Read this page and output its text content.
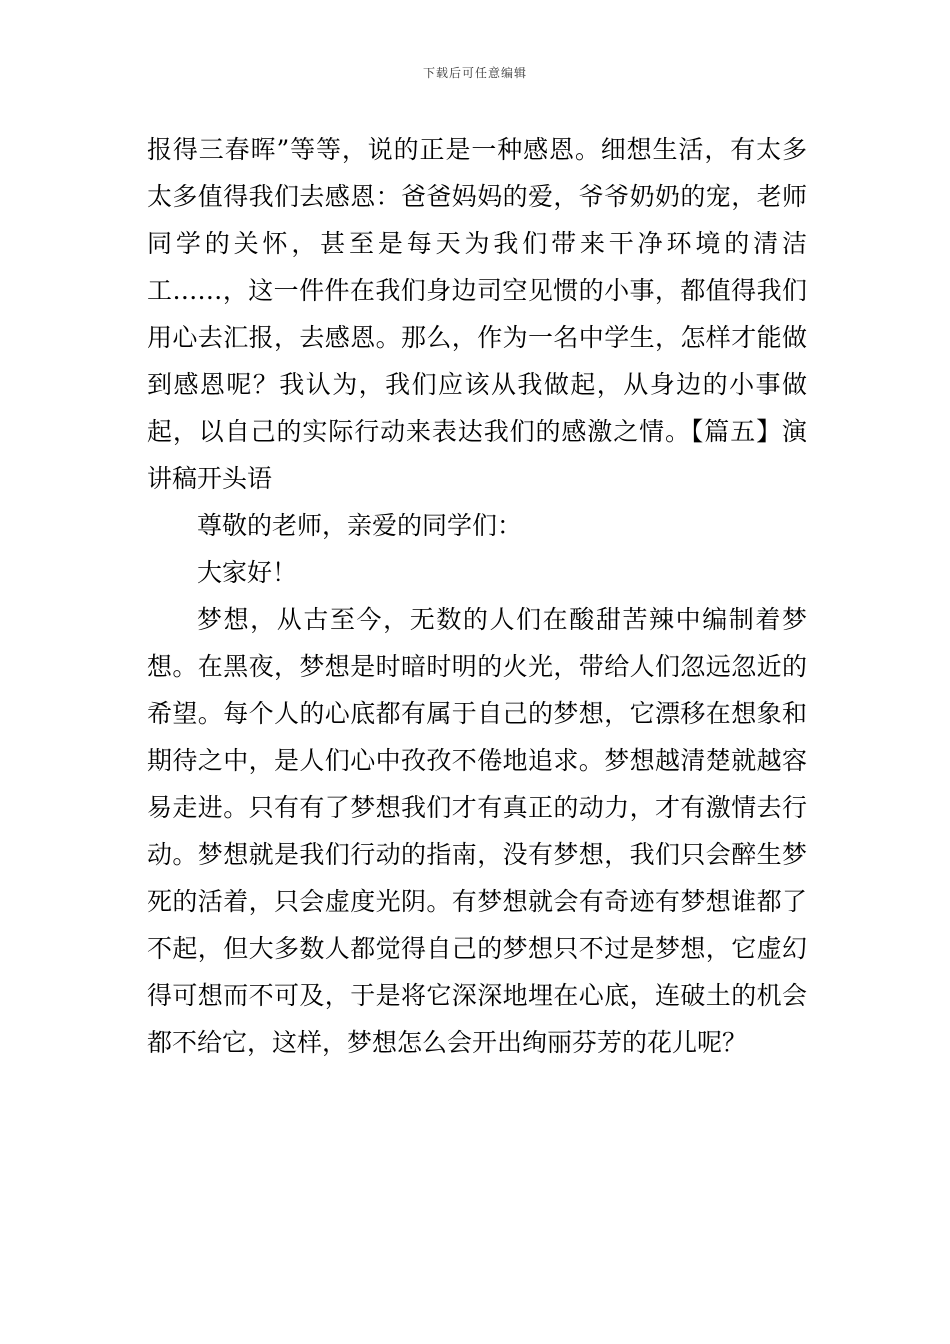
下载后可任意编辑

报得三春晖”等等，说的正是一种感恩。细想生活，有太多太多值得我们去感恩：爸爸妈妈的爱，爷爷奶奶的宠，老师同学的关怀，甚至是每天为我们带来干净环境的清洁工……，这一件件在我们身边司空见惯的小事，都值得我们用心去汇报，去感恩。那么，作为一名中学生，怎样才能做到感恩呢？我认为，我们应该从我做起，从身边的小事做起，以自己的实际行动来表达我们的感激之情。【篇五】演讲稿开头语

尊敬的老师，亲爱的同学们：

大家好！

梦想，从古至今，无数的人们在酸甜苦辣中编制着梦想。在黑夜，梦想是时暗时明的火光，带给人们忽远忽近的希望。每个人的心底都有属于自己的梦想，它漂移在想象和期待之中，是人们心中孜孜不倦地追求。梦想越清楚就越容易走进。只有有了梦想我们才有真正的动力，才有激情去行动。梦想就是我们行动的指南，没有梦想，我们只会醉生梦死的活着，只会虚度光阴。有梦想就会有奇迹有梦想谁都了不起，但大多数人都觉得自己的梦想只不过是梦想，它虚幻得可想而不可及，于是将它深深地埋在心底，连破土的机会都不给它，这样，梦想怎么会开出绚丽芬芳的花儿呢？
